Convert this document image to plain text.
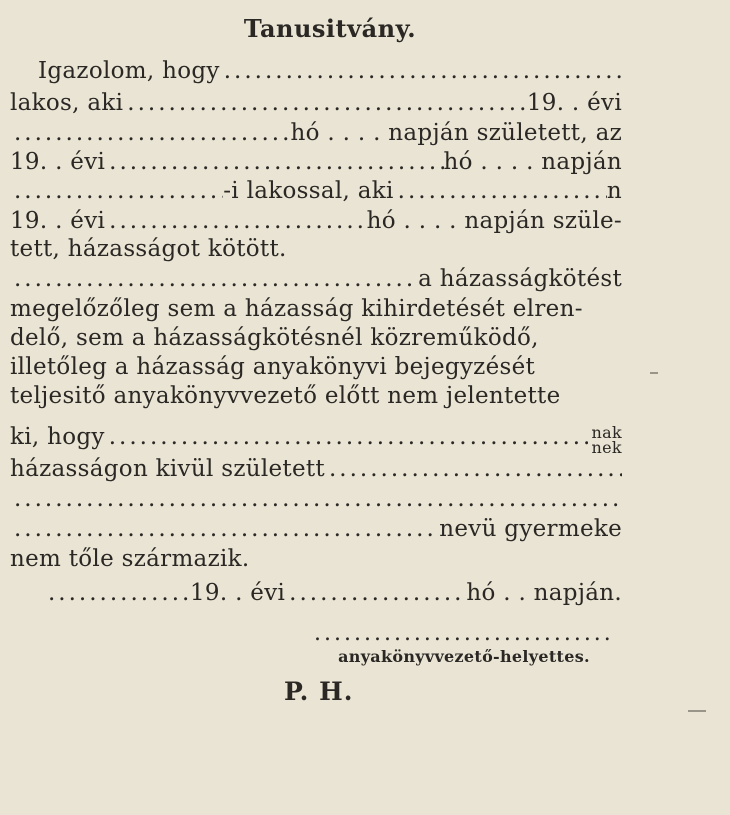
Tanusitvány.
Igazolom, hogy
.....
lakos, aki .....	19. . évi
.....
hó . . . . napján született, az
19. . évi .....	hó . . . . napján
.....
-i lakossal, aki .....	n
19. . évi .....	hó . . . . napján szüle-
tett, házasságot kötött.
.....
a házasságkötést
megelőzőleg sem a házasság kihirdetését elren-
delő, sem a házasságkötésnél közreműködő,
illetőleg a házasság anyakönyvi bejegyzését
teljesitő anyakönyvvezető előtt nem jelentette
ki, hogy .....	nak
nek
házasságon kivül született
.....
.....
.....
nevü gyermeke
nem tőle származik.
.....
19. . évi .....	hó . . napján.
.....
anyakönyvvezető-helyettes.
P. H.
